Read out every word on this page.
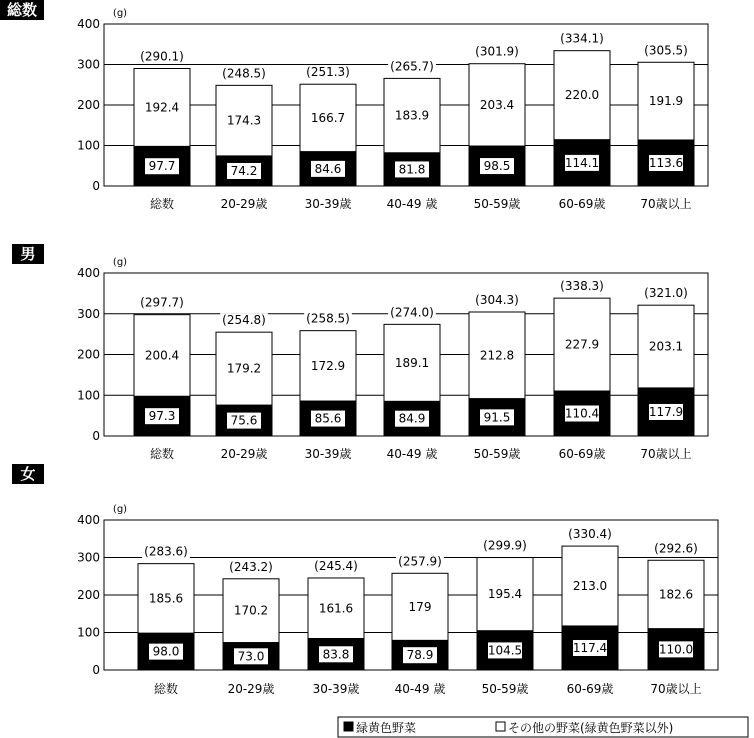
総数
0
100
200
300
400
(g)
(290.1)
192.4
97.7
総数
(248.5)
174.3
74.2
20-29歳
(251.3)
166.7
84.6
30-39歳
(265.7)
183.9
81.8
40-49 歳
(301.9)
203.4
98.5
50-59歳
(334.1)
220.0
114.1
60-69歳
(305.5)
191.9
113.6
70歳以上
男
0
100
200
300
400
(g)
(297.7)
200.4
97.3
総数
(254.8)
179.2
75.6
20-29歳
(258.5)
172.9
85.6
30-39歳
(274.0)
189.1
84.9
40-49 歳
(304.3)
212.8
91.5
50-59歳
(338.3)
227.9
110.4
60-69歳
(321.0)
203.1
117.9
70歳以上
女
0
100
200
300
400
(g)
(283.6)
185.6
98.0
総数
(243.2)
170.2
73.0
20-29歳
(245.4)
161.6
83.8
30-39歳
(257.9)
179
78.9
40-49 歳
(299.9)
195.4
104.5
50-59歳
(330.4)
213.0
117.4
60-69歳
(292.6)
182.6
110.0
70歳以上
緑黄色野菜	その他の野菜(緑黄色野菜以外)
